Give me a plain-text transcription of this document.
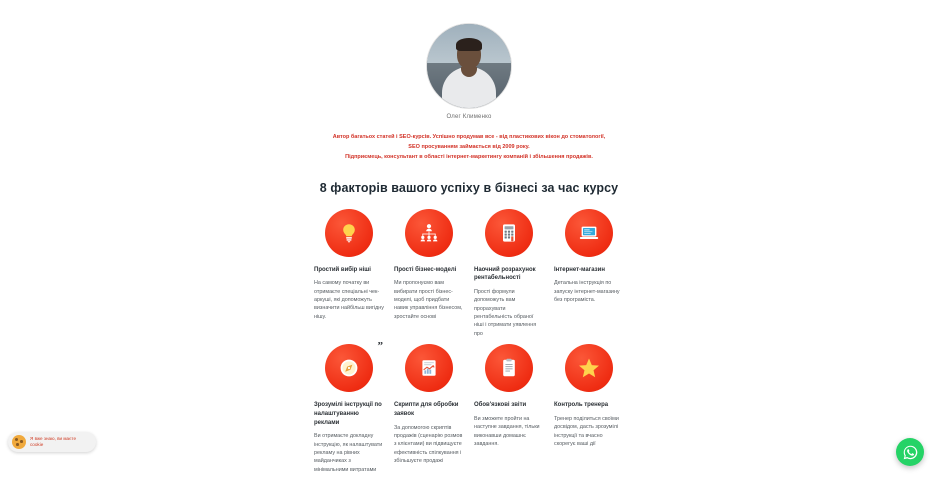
Олег Клименко

Автор багатьох статей і SEO-курсів. Успішно продумав все - від пластикових вікон до стоматології,

SEO просуванням займається від 2009 року.

Підприємець, консультант в області інтернет-маркетингу компаній і збільшення продажів.

8 факторів вашого успіху в бізнесі за час курсу
Простий вибір ніші
На самому початку ви отримаєте спеціальні чек-аркуші, які допоможуть визначити найбільш вигідну нішу.
Прості бізнес-моделі
Ми пропонуємо вам вибирати прості бізнес-моделі, щоб придбати навик управління бізнесом, зростайте основі
Наочний розрахунок рентабельності
Прості формули допоможуть вам прорахувати рентабельність обраної ніші і отримати уявлення про
Інтернет-магазин
Детальна інструкція по запуску інтернет-магазину без програміста.
”
Зрозумілі інструкції по налаштуванню реклами
Ви отримаєте докладну інструкцію, як налаштувати рекламу на рівних майданчиках з мінімальними витратами
Скрипти для обробки заявок
За допомогою скриптів продажів (сценарію розмов з клієнтами) ви підвищуєте ефективність спілкування і збільшуєте продажі
Обов'язкові звіти
Ви зможете пройти на наступне завдання, тільки виконавши домашнє завдання.
Контроль тренера
Тренер поділиться своїми досвідом, дасть зрозумілі інструкції та вчасно скорегує ваші дії
Я вже знаю, ви маєте cookie
